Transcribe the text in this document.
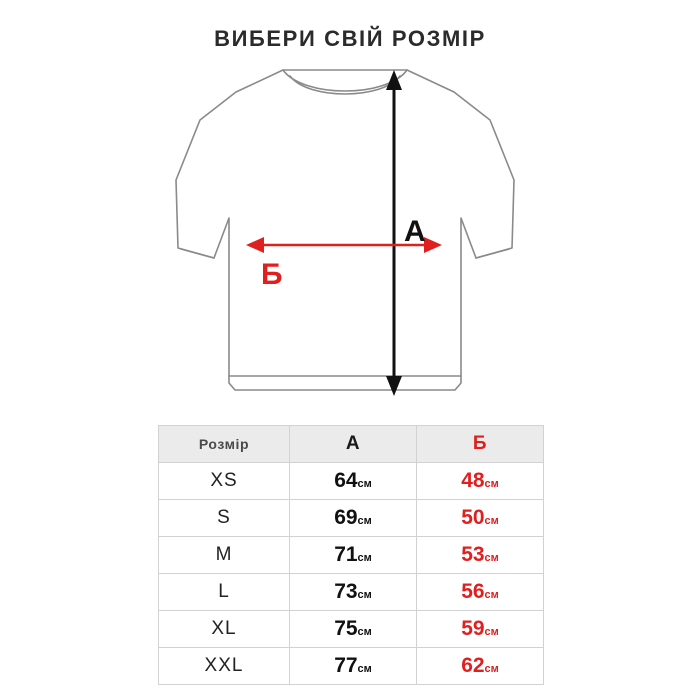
ВИБЕРИ СВІЙ РОЗМІР
А
Б
Розмір	А	Б
XS	64см	48см
S	69см	50см
M	71см	53см
L	73см	56см
XL	75см	59см
XXL	77см	62см
